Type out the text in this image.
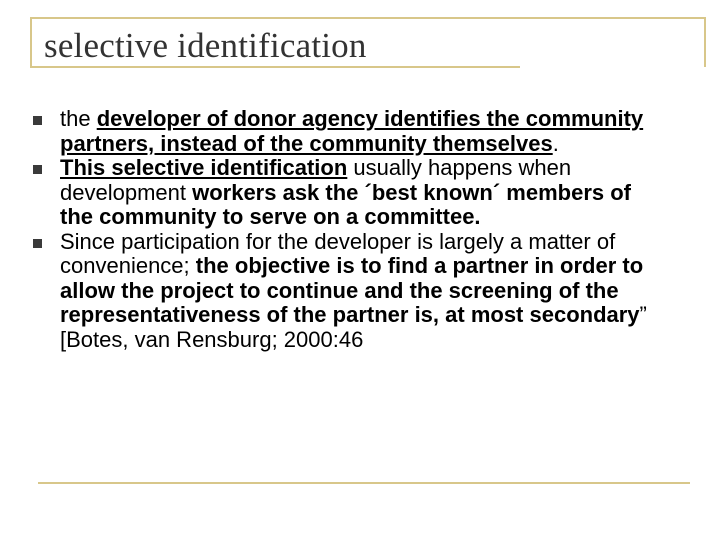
selective identification
the developer of donor agency identifies the community partners, instead of the community themselves.
This selective identification usually happens when development workers ask the ´best known´ members of the community to serve on a committee.
Since participation for the developer is largely a matter of convenience; the objective is to find a partner in order to allow the project to continue and the screening of the representativeness of the partner is, at most secondary” [Botes, van Rensburg; 2000:46
